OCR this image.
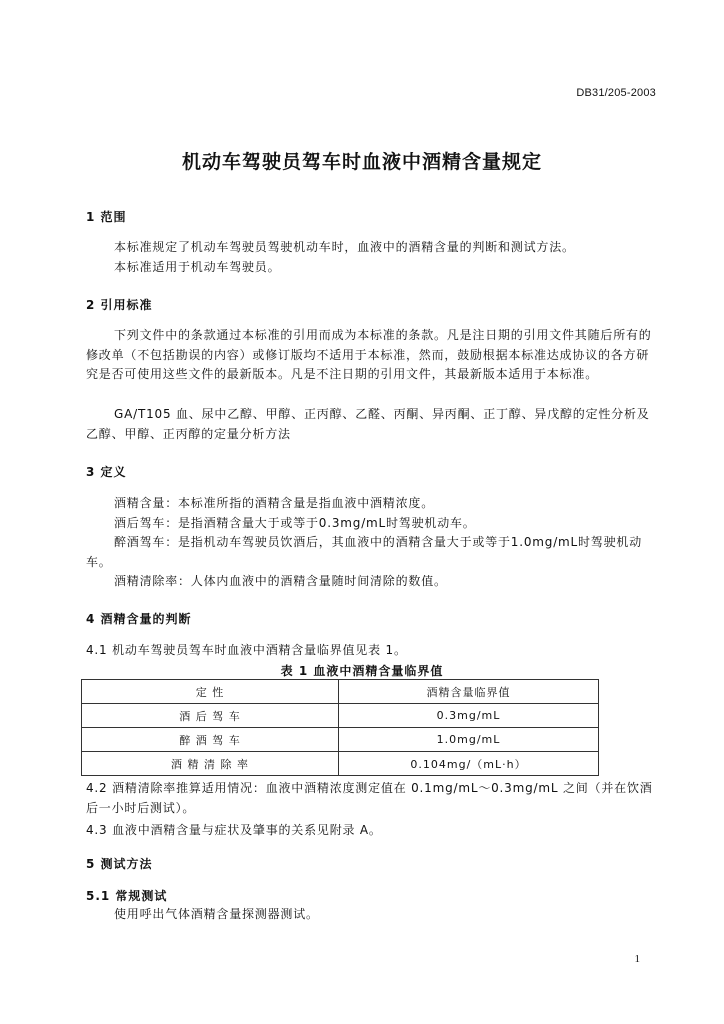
DB31/205-2003
机动车驾驶员驾车时血液中酒精含量规定
1 范围
本标准规定了机动车驾驶员驾驶机动车时，血液中的酒精含量的判断和测试方法。
本标准适用于机动车驾驶员。
2 引用标准
下列文件中的条款通过本标准的引用而成为本标准的条款。凡是注日期的引用文件其随后所有的修改单（不包括勘误的内容）或修订版均不适用于本标准，然而，鼓励根据本标准达成协议的各方研究是否可使用这些文件的最新版本。凡是不注日期的引用文件，其最新版本适用于本标准。
GA/T105 血、尿中乙醇、甲醇、正丙醇、乙醛、丙酮、异丙酮、正丁醇、异戊醇的定性分析及乙醇、甲醇、正丙醇的定量分析方法
3 定义
酒精含量：本标准所指的酒精含量是指血液中酒精浓度。
酒后驾车：是指酒精含量大于或等于0.3mg/mL时驾驶机动车。
醉酒驾车：是指机动车驾驶员饮酒后，其血液中的酒精含量大于或等于1.0mg/mL时驾驶机动车。
酒精清除率：人体内血液中的酒精含量随时间清除的数值。
4 酒精含量的判断
4.1 机动车驾驶员驾车时血液中酒精含量临界值见表 1。
表 1 血液中酒精含量临界值
定 性	酒精含量临界值
酒 后 驾 车	0.3mg/mL
醉 酒 驾 车	1.0mg/mL
酒 精 清 除 率	0.104mg/（mL·h）
4.2 酒精清除率推算适用情况：血液中酒精浓度测定值在 0.1mg/mL～0.3mg/mL 之间（并在饮酒后一小时后测试）。
4.3 血液中酒精含量与症状及肇事的关系见附录 A。
5 测试方法
5.1 常规测试
使用呼出气体酒精含量探测器测试。
1
